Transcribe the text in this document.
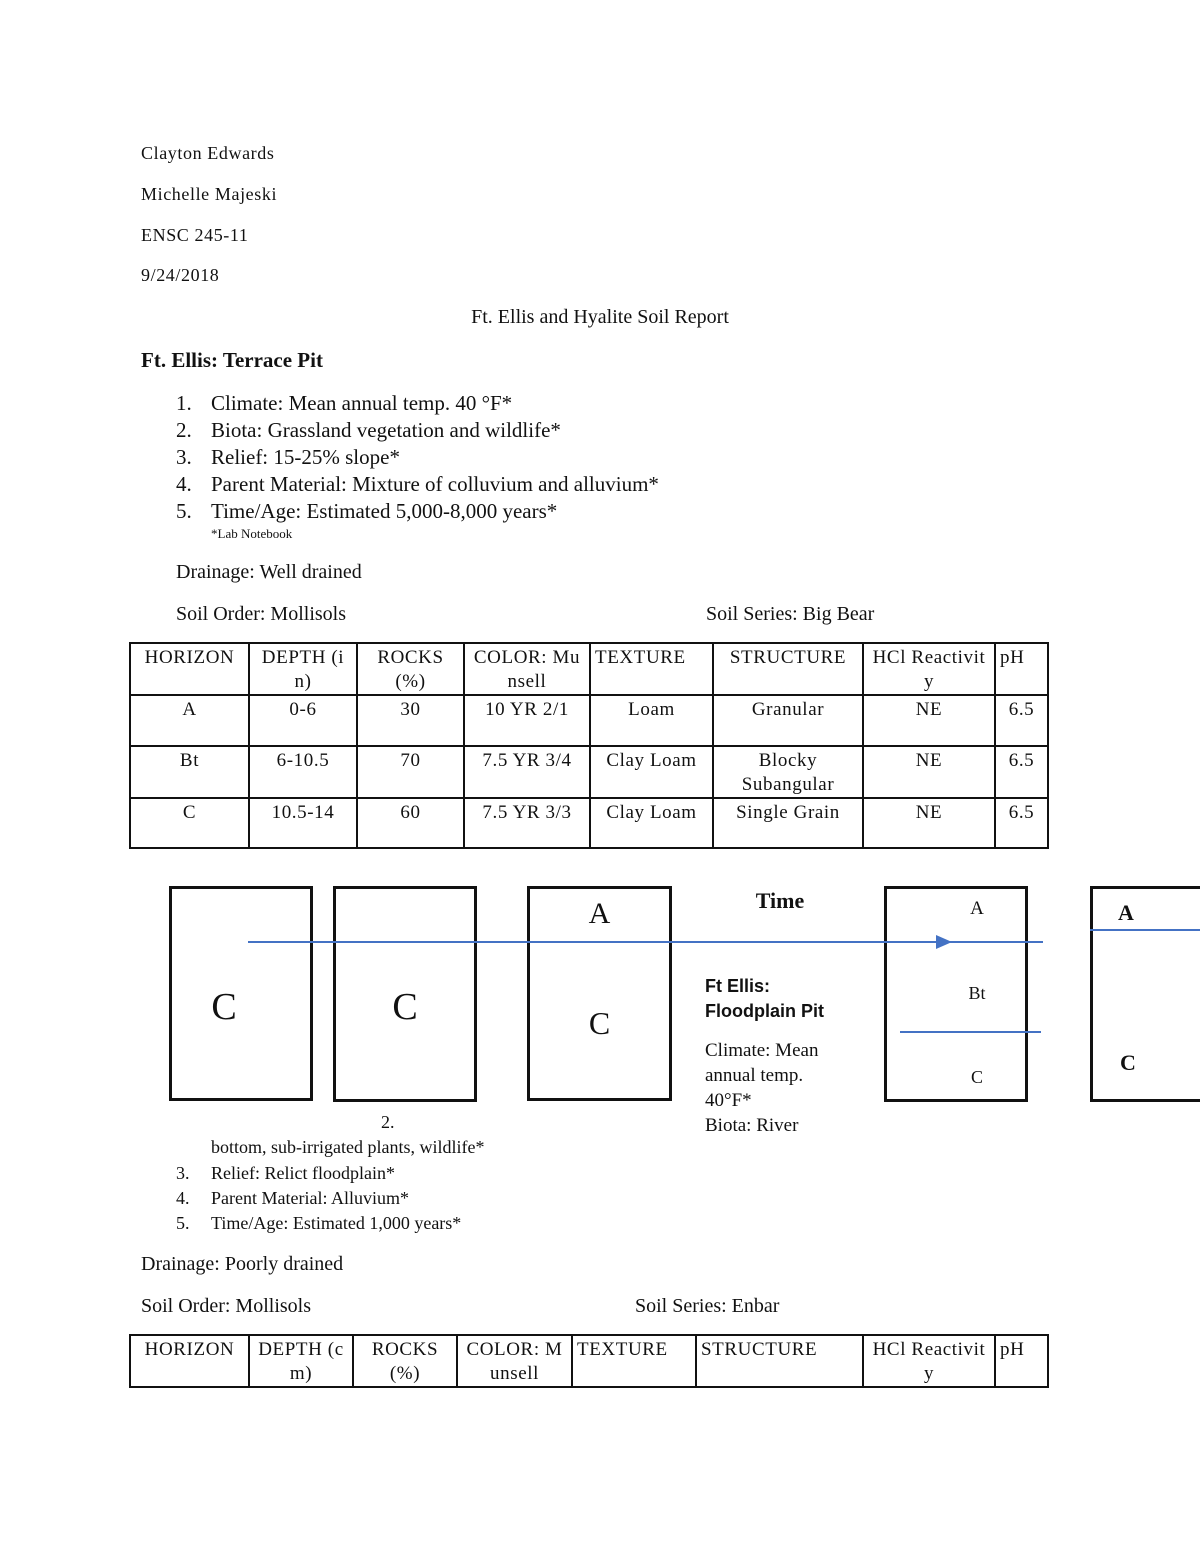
Clayton Edwards
Michelle Majeski
ENSC 245-11
9/24/2018
Ft. Ellis and Hyalite Soil Report
Ft. Ellis: Terrace Pit
1. Climate: Mean annual temp. 40 °F*
2. Biota: Grassland vegetation and wildlife*
3. Relief: 15-25% slope*
4. Parent Material: Mixture of colluvium and alluvium*
5. Time/Age: Estimated 5,000-8,000 years*
*Lab Notebook
Drainage: Well drained
Soil Order: Mollisols	Soil Series: Big Bear
HORIZON	DEPTH (in)	ROCKS (%)	COLOR: Munsell	TEXTURE	STRUCTURE	HCl Reactivity	pH
A	0-6	30	10 YR 2/1	Loam	Granular	NE	6.5
Bt	6-10.5	70	7.5 YR 3/4	Clay Loam	Blocky Subangular	NE	6.5
C	10.5-14	60	7.5 YR 3/3	Clay Loam	Single Grain	NE	6.5
C	C
A
C
Time	A
Bt
C
A
C
Ft Ellis:
Floodplain Pit
Climate: Mean
annual temp.
40°F*
Biota: River
2.
bottom, sub-irrigated plants, wildlife*
3. Relief: Relict floodplain*
4. Parent Material: Alluvium*
5. Time/Age: Estimated 1,000 years*
Drainage: Poorly drained
Soil Order: Mollisols	Soil Series: Enbar
HORIZON	DEPTH (cm)	ROCKS (%)	COLOR: Munsell	TEXTURE	STRUCTURE	HCl Reactivity	pH
